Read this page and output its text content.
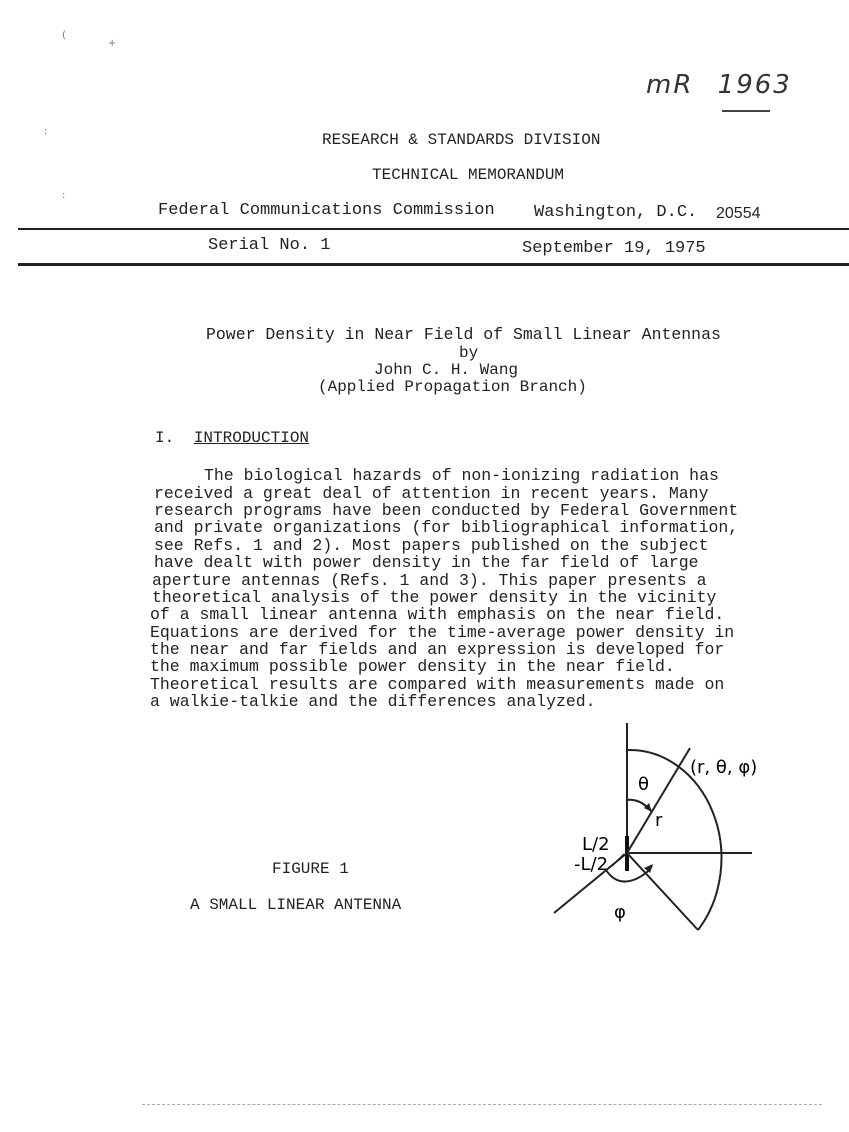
(
+
:
:
mR 1963
RESEARCH & STANDARDS DIVISION
TECHNICAL MEMORANDUM
Federal Communications Commission Washington, D.C. 20554
Serial No. 1	September 19, 1975
Power Density in Near Field of Small Linear Antennas
by
John C. H. Wang
(Applied Propagation Branch)
I. INTRODUCTION
The biological hazards of non-ionizing radiation has
received a great deal of attention in recent years. Many
research programs have been conducted by Federal Government
and private organizations (for bibliographical information,
see Refs. 1 and 2). Most papers published on the subject
have dealt with power density in the far field of large
aperture antennas (Refs. 1 and 3). This paper presents a
theoretical analysis of the power density in the vicinity
of a small linear antenna with emphasis on the near field.
Equations are derived for the time-average power density in
the near and far fields and an expression is developed for
the maximum possible power density in the near field.
Theoretical results are compared with measurements made on
a walkie-talkie and the differences analyzed.
FIGURE 1
A SMALL LINEAR ANTENNA
(r, θ, φ)
θ
r
L/2
-L/2
φ
